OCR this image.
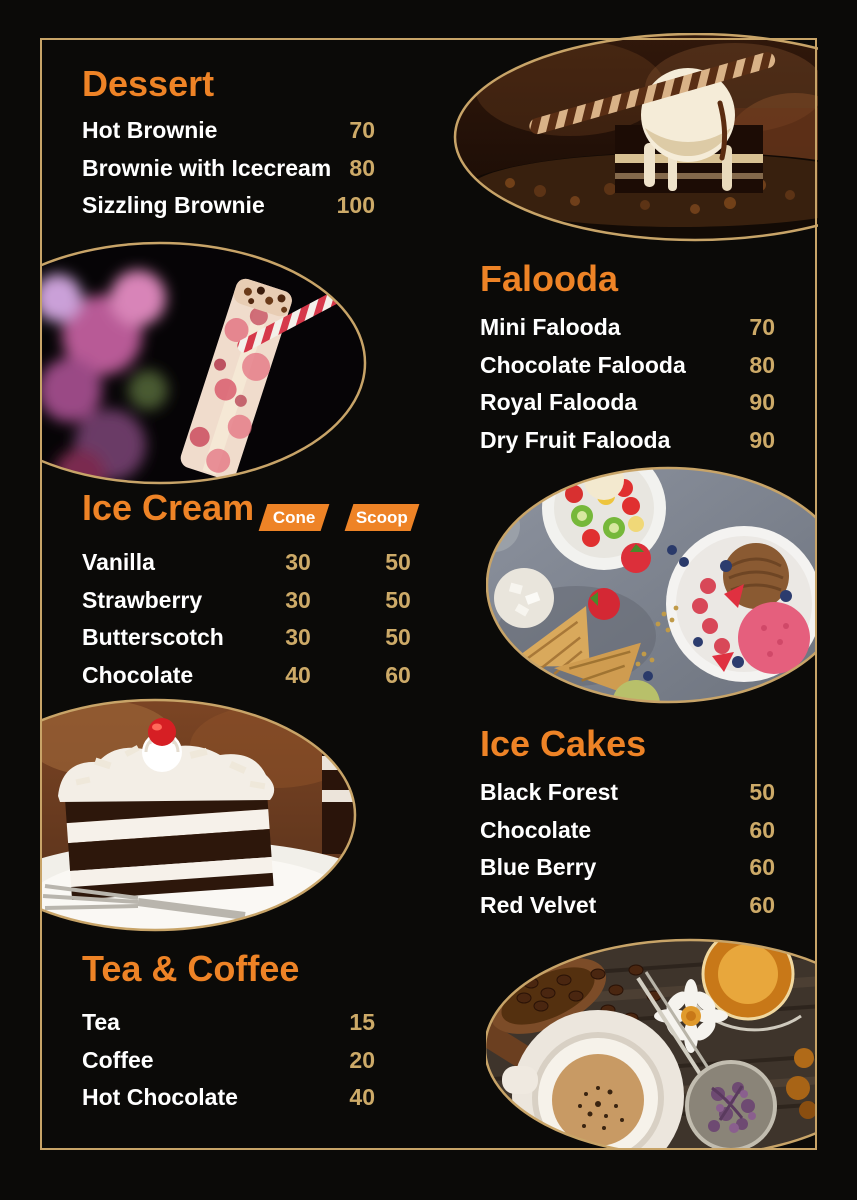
Dessert
Hot Brownie	70
Brownie with Icecream 80
Sizzling Brownie	100
Falooda
Mini Falooda	70
Chocolate Falooda	80
Royal Falooda	90
Dry Fruit Falooda	90
Ice Cream Cone Scoop
Vanilla	30	50
Strawberry	30	50
Butterscotch	30	50
Chocolate	40	60
Ice Cakes
Black Forest	50
Chocolate	60
Blue Berry	60
Red Velvet	60
Tea & Coffee
Tea	15
Coffee	20
Hot Chocolate	40
